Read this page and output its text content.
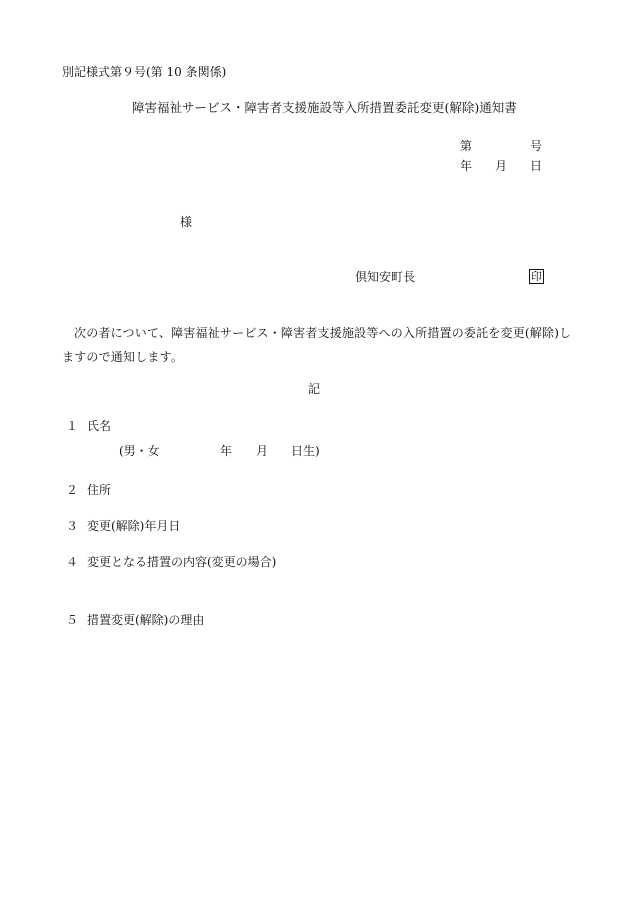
別記様式第９号(第 10 条関係)
障害福祉サービス・障害者支援施設等入所措置委託変更(解除)通知書
第	号
年 月 日
様
倶知安町長	印
次の者について、障害福祉サービス・障害者支援施設等への入所措置の委託を変更(解除)しますので通知します。
記
１ 氏名
(男・女	年 月 日生)
２ 住所
３ 変更(解除)年月日
４ 変更となる措置の内容(変更の場合)
５ 措置変更(解除)の理由
